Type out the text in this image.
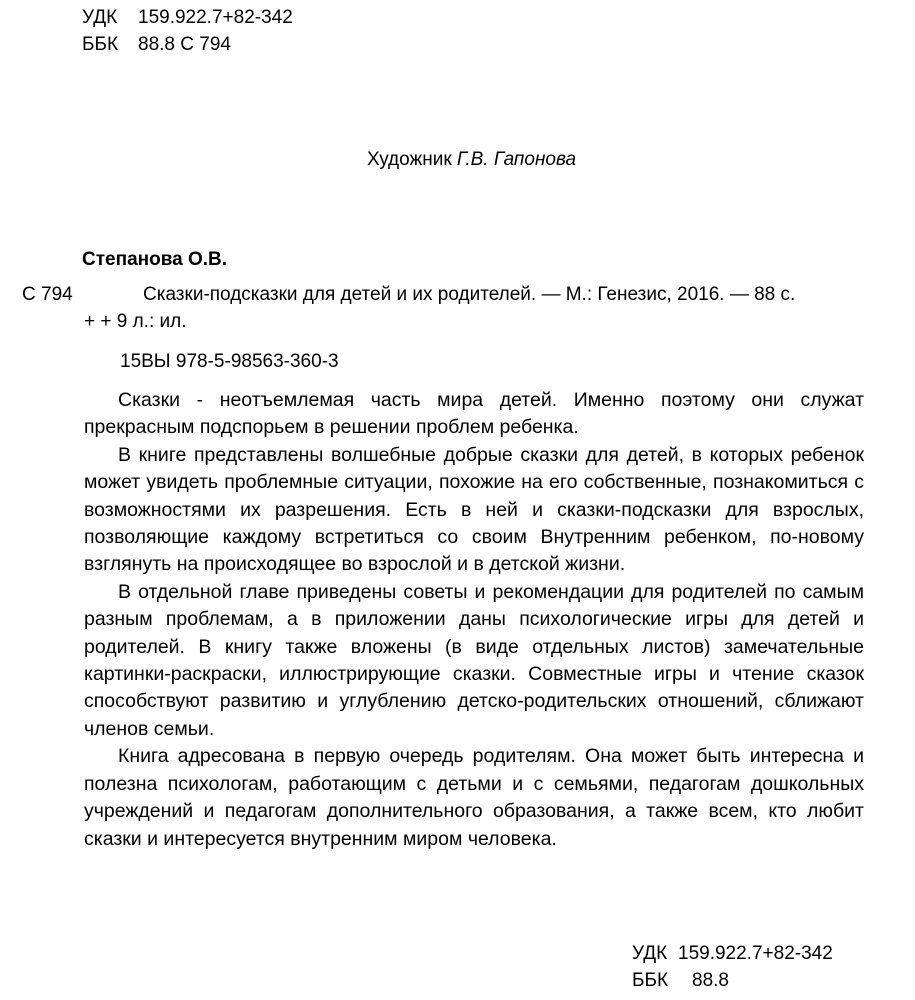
УДК 159.922.7+82-342
ББК 88.8 С 794
Художник Г.В. Гапонова
Степанова О.В.
С 794	Сказки-подсказки для детей и их родителей. — М.: Генезис, 2016. — 88 с.
+ + 9 л.: ил.
15ВЫ 978-5-98563-360-3

Сказки - неотъемлемая часть мира детей. Именно поэтому они служат прекрасным подспорьем в решении проблем ребенка.

В книге представлены волшебные добрые сказки для детей, в которых ребенок может увидеть проблемные ситуации, похожие на его собственные, познакомиться с возможностями их разрешения. Есть в ней и сказки-подсказки для взрослых, позволяющие каждому встретиться со своим Внутренним ребенком, по-новому взглянуть на происходящее во взрослой и в детской жизни.

В отдельной главе приведены советы и рекомендации для родителей по самым разным проблемам, а в приложении даны психологические игры для детей и родителей. В книгу также вложены (в виде отдельных листов) замечательные картинки-раскраски, иллюстрирующие сказки. Совместные игры и чтение сказок способствуют развитию и углублению детско-родительских отношений, сближают членов семьи.

Книга адресована в первую очередь родителям. Она может быть интересна и полезна психологам, работающим с детьми и с семьями, педагогам дошкольных учреждений и педагогам дополнительного образования, а также всем, кто любит сказки и интересуется внутренним миром человека.

УДК 159.922.7+82-342
ББК 88.8
